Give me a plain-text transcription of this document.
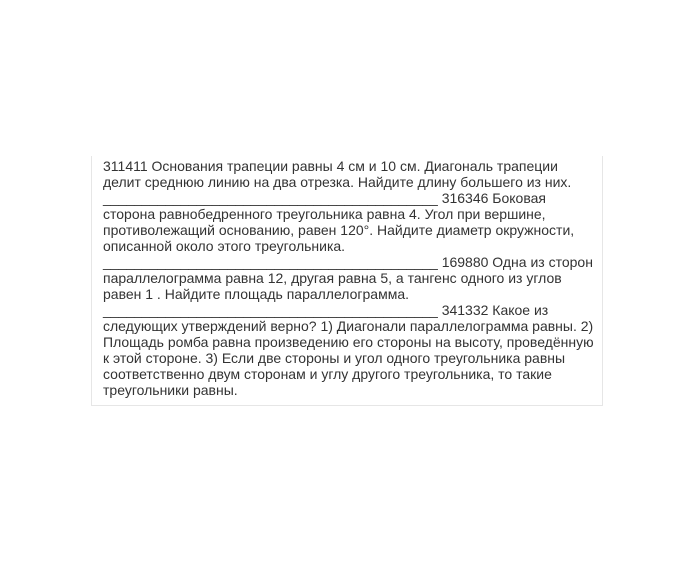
311411 Основания трапеции равны 4 см и 10 см. Диагональ трапеции делит среднюю линию на два отрезка. Найдите длину большего из них. ___________________________________________ 316346 Боковая сторона равнобедренного треугольника равна 4. Угол при вершине, противолежащий основанию, равен 120°. Найдите диаметр окружности, описанной около этого треугольника. ___________________________________________ 169880 Одна из сторон параллелограмма равна 12, другая равна 5, а тангенс одного из углов равен 1 . Найдите площадь параллелограмма. ___________________________________________ 341332 Какое из следующих утверждений верно? 1) Диагонали параллелограмма равны. 2) Площадь ромба равна произведению его стороны на высоту, проведённую к этой стороне. 3) Если две стороны и угол одного треугольника равны соответственно двум сторонам и углу другого треугольника, то такие треугольники равны.
